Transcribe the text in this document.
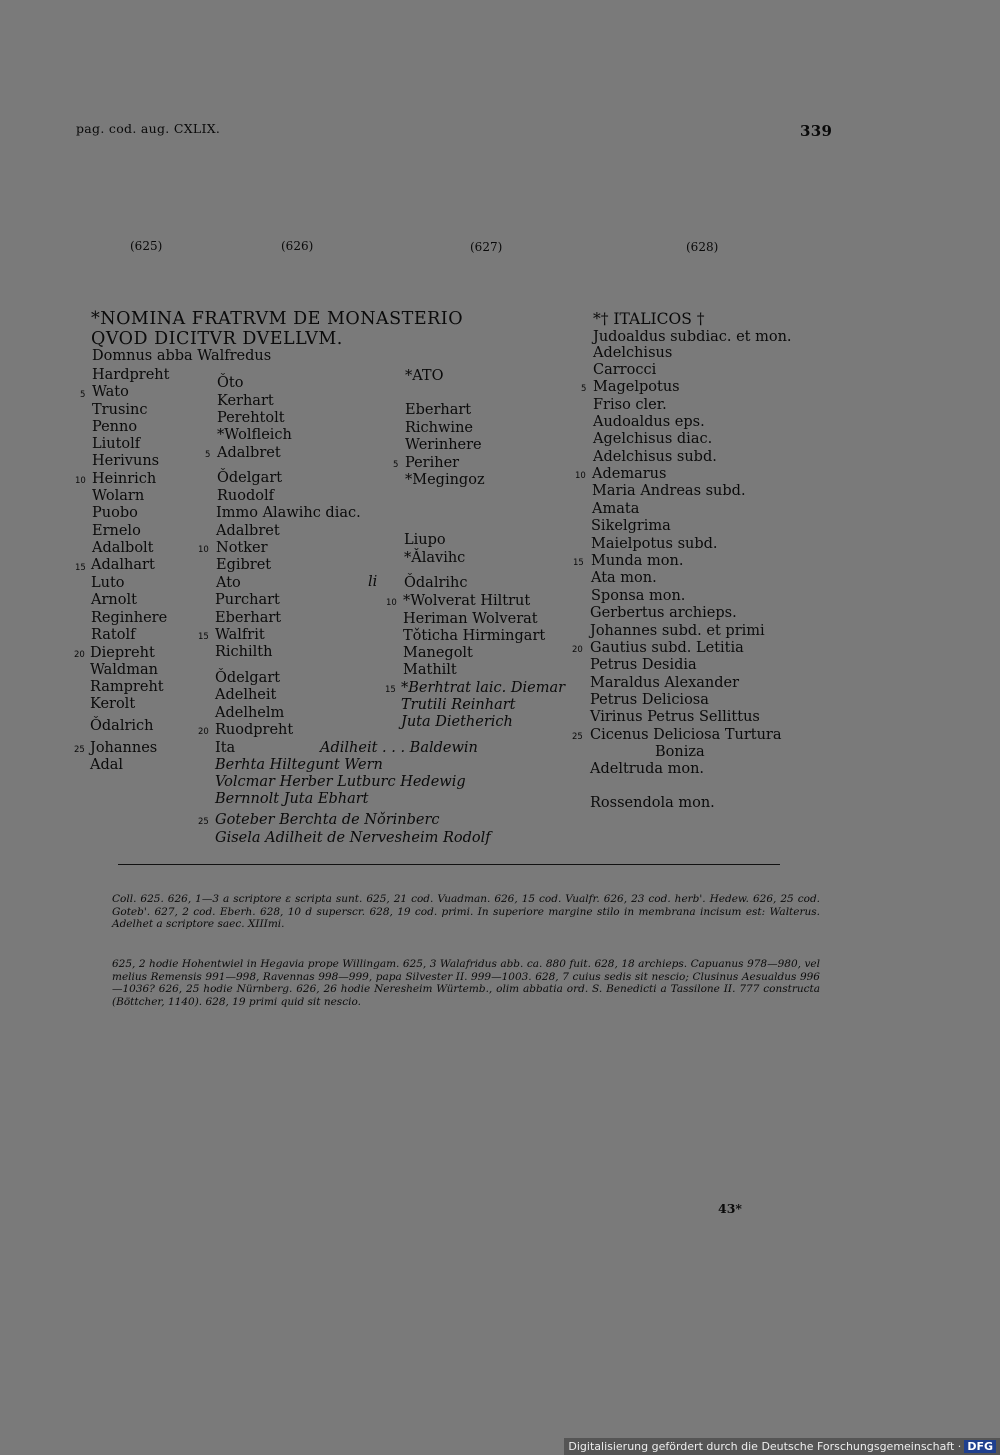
pag. cod. aug. CXLIX.	339
(625)	(626)	(627)	(628)
*NOMINA FRATRVM DE MONASTERIO
QVOD DICITVR DVELLVM.
Domnus abba Walfredus
Hardpreht
Wato
Trusinc
Penno
Liutolf
Herivuns
Heinrich
Wolarn
Puobo
Ernelo
Adalbolt
Adalhart
Luto
Arnolt
Reginhere
Ratolf
Diepreht
Waldman
Rampreht
Kerolt
Ǒdalrich
Johannes
Adal
5
10
15
20
25
Ǒto
Kerhart
Perehtolt
*Wolfleich
Adalbret
Ǒdelgart
Ruodolf
Immo Alawihc diac.
Adalbret
Notker
Egibret
Ato
Purchart
Eberhart
Walfrit
Richilth
Ǒdelgart
Adelheit
Adelhelm
Ruodpreht
Ita	Adilheit . . . Baldewin
li
Berhta Hiltegunt Wern
Volcmar Herber Lutburc Hedewig
Bernnolt Juta Ebhart
Goteber Berchta de Nǒrinberc
Gisela Adilheit de Nervesheim Rodolf
5
10
15
20
25
*ATO
Eberhart
Richwine
Werinhere
Periher
*Megingoz
Liupo
*Ǎlavihc
Ǒdalrihc
*Wolverat Hiltrut
Heriman Wolverat
Tǒticha Hirmingart
Manegolt
Mathilt
*Berhtrat laic. Diemar
Trutili Reinhart
Juta Dietherich
5
10
15
*† ITALICOS †
Judoaldus subdiac. et mon.
Adelchisus
Carrocci
Magelpotus
Friso cler.
Audoaldus eps.
Agelchisus diac.
Adelchisus subd.
Ademarus
Maria Andreas subd.
Amata
Sikelgrima
Maielpotus subd.
Munda mon.
Ata mon.
Sponsa mon.
Gerbertus archieps.
Johannes subd. et primi
Gautius subd. Letitia
Petrus Desidia
Maraldus Alexander
Petrus Deliciosa
Virinus Petrus Sellittus
Cicenus Deliciosa Turtura
Boniza
Adeltruda mon.
Rossendola mon.
5
10
15
20
25

Coll. 625. 626, 1—3 a scriptore ε scripta sunt. 625, 21 cod. Vuadman. 626, 15 cod. Vualfr. 626, 23 cod. herb'. Hedew. 626, 25 cod. Goteb'. 627, 2 cod. Eberh. 628, 10 d superscr. 628, 19 cod. primi. In superiore margine stilo in membrana incisum est: Walterus. Adelhet a scriptore saec. XIIImi.

625, 2 hodie Hohentwiel in Hegavia prope Willingam. 625, 3 Walafridus abb. ca. 880 fuit. 628, 18 archieps. Capuanus 978—980, vel melius Remensis 991—998, Ravennas 998—999, papa Silvester II. 999—1003. 628, 7 cuius sedis sit nescio; Clusinus Aesualdus 996—1036? 626, 25 hodie Nürnberg. 626, 26 hodie Neresheim Würtemb., olim abbatia ord. S. Benedicti a Tassilone II. 777 constructa (Böttcher, 1140). 628, 19 primi quid sit nescio.

43*
Digitalisierung gefördert durch die Deutsche Forschungsgemeinschaft · DFG
